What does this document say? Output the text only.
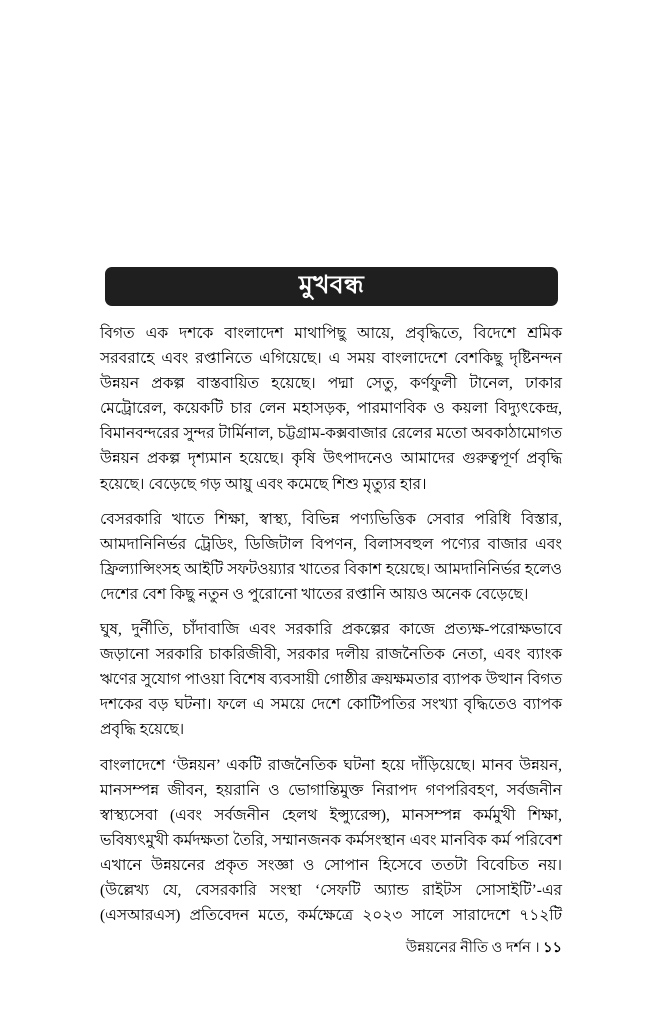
মুখবন্ধ

বিগত এক দশকে বাংলাদেশ মাথাপিছু আয়ে, প্রবৃদ্ধিতে, বিদেশে শ্রমিক সরবরাহে এবং রপ্তানিতে এগিয়েছে। এ সময় বাংলাদেশে বেশকিছু দৃষ্টিনন্দন উন্নয়ন প্রকল্প বাস্তবায়িত হয়েছে। পদ্মা সেতু, কর্ণফুলী টানেল, ঢাকার মেট্রোরেল, কয়েকটি চার লেন মহাসড়ক, পারমাণবিক ও কয়লা বিদ্যুৎকেন্দ্র, বিমানবন্দরের সুন্দর টার্মিনাল, চট্টগ্রাম-কক্সবাজার রেলের মতো অবকাঠামোগত উন্নয়ন প্রকল্প দৃশ্যমান হয়েছে। কৃষি উৎপাদনেও আমাদের গুরুত্বপূর্ণ প্রবৃদ্ধি হয়েছে। বেড়েছে গড় আয়ু এবং কমেছে শিশু মৃত্যুর হার।

বেসরকারি খাতে শিক্ষা, স্বাস্থ্য, বিভিন্ন পণ্যভিত্তিক সেবার পরিধি বিস্তার, আমদানিনির্ভর ট্রেডিং, ডিজিটাল বিপণন, বিলাসবহুল পণ্যের বাজার এবং ফ্রিল্যান্সিংসহ আইটি সফটওয়্যার খাতের বিকাশ হয়েছে। আমদানিনির্ভর হলেও দেশের বেশ কিছু নতুন ও পুরোনো খাতের রপ্তানি আয়ও অনেক বেড়েছে।

ঘুষ, দুর্নীতি, চাঁদাবাজি এবং সরকারি প্রকল্পের কাজে প্রত্যক্ষ-পরোক্ষভাবে জড়ানো সরকারি চাকরিজীবী, সরকার দলীয় রাজনৈতিক নেতা, এবং ব্যাংক ঋণের সুযোগ পাওয়া বিশেষ ব্যবসায়ী গোষ্ঠীর ক্রয়ক্ষমতার ব্যাপক উত্থান বিগত দশকের বড় ঘটনা। ফলে এ সময়ে দেশে কোটিপতির সংখ্যা বৃদ্ধিতেও ব্যাপক প্রবৃদ্ধি হয়েছে।

বাংলাদেশে ‘উন্নয়ন’ একটি রাজনৈতিক ঘটনা হয়ে দাঁড়িয়েছে। মানব উন্নয়ন, মানসম্পন্ন জীবন, হয়রানি ও ভোগান্তিমুক্ত নিরাপদ গণপরিবহণ, সর্বজনীন স্বাস্থ্যসেবা (এবং সর্বজনীন হেলথ ইন্স্যুরেন্স), মানসম্পন্ন কর্মমুখী শিক্ষা, ভবিষ্যৎমুখী কর্মদক্ষতা তৈরি, সম্মানজনক কর্মসংস্থান এবং মানবিক কর্ম পরিবেশ এখানে উন্নয়নের প্রকৃত সংজ্ঞা ও সোপান হিসেবে ততটা বিবেচিত নয়। (উল্লেখ্য যে, বেসরকারি সংস্থা ‘সেফটি অ্যান্ড রাইটস সোসাইটি’-এর (এসআরএস) প্রতিবেদন মতে, কর্মক্ষেত্রে ২০২৩ সালে সারাদেশে ৭১২টি

উন্নয়নের নীতি ও দর্শন । ১১
